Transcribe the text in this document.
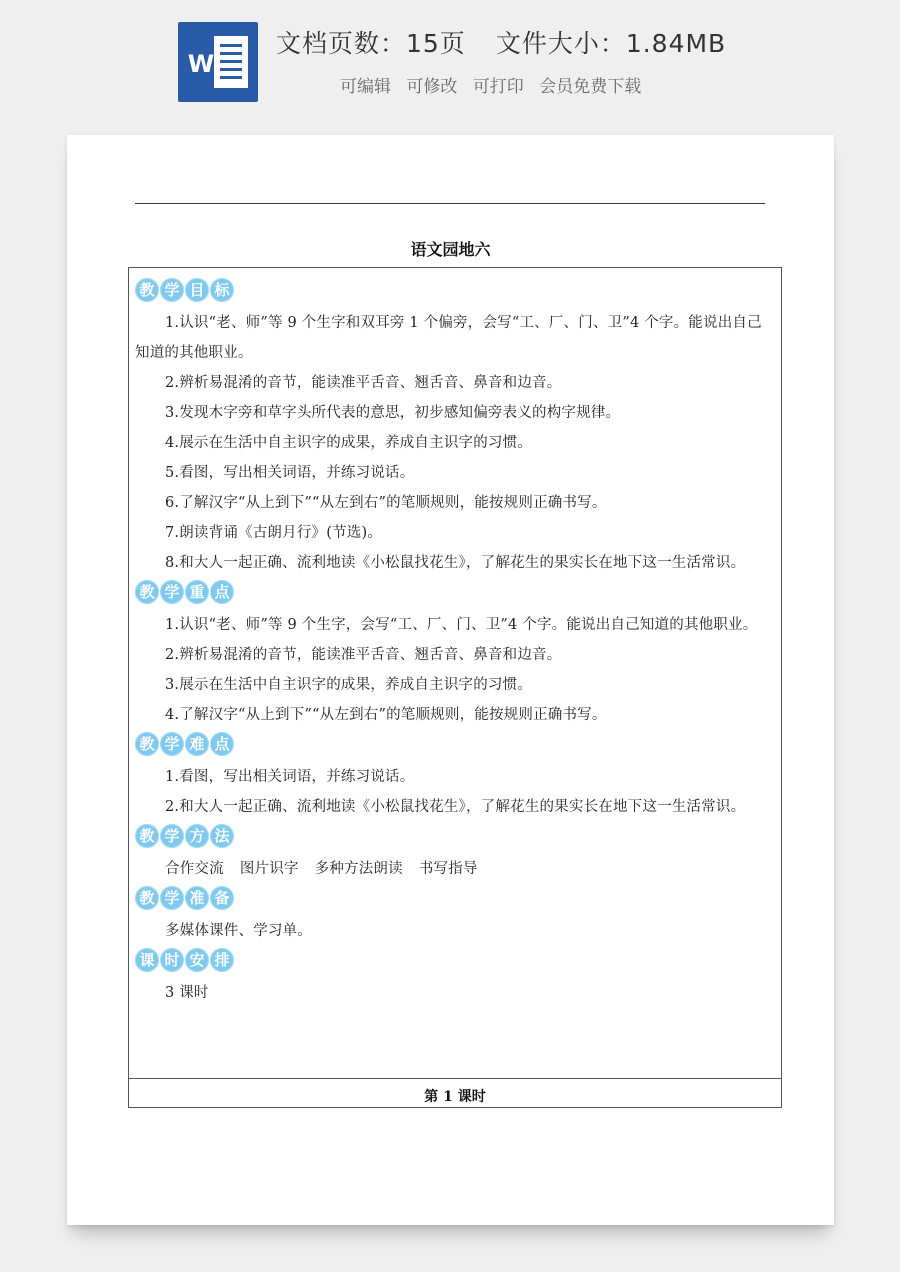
W
文档页数：15页 文件大小：1.84MB
可编辑 可修改 可打印 会员免费下载
语文园地六
教 学 目 标

1.认识“老、师”等 9 个生字和双耳旁 1 个偏旁，会写“工、厂、门、卫”4 个字。能说出自己知道的其他职业。

2.辨析易混淆的音节，能读准平舌音、翘舌音、鼻音和边音。

3.发现木字旁和草字头所代表的意思，初步感知偏旁表义的构字规律。

4.展示在生活中自主识字的成果，养成自主识字的习惯。

5.看图，写出相关词语，并练习说话。

6.了解汉字“从上到下”“从左到右”的笔顺规则，能按规则正确书写。

7.朗读背诵《古朗月行》(节选)。

8.和大人一起正确、流利地读《小松鼠找花生》，了解花生的果实长在地下这一生活常识。

教 学 重 点

1.认识“老、师”等 9 个生字，会写“工、厂、门、卫”4 个字。能说出自己知道的其他职业。

2.辨析易混淆的音节，能读准平舌音、翘舌音、鼻音和边音。

3.展示在生活中自主识字的成果，养成自主识字的习惯。

4.了解汉字“从上到下”“从左到右”的笔顺规则，能按规则正确书写。

教 学 难 点

1.看图，写出相关词语，并练习说话。

2.和大人一起正确、流利地读《小松鼠找花生》，了解花生的果实长在地下这一生活常识。

教 学 方 法

合作交流 图片识字 多种方法朗读 书写指导

教 学 准 备

多媒体课件、学习单。

课 时 安 排

3 课时

第 1 课时
